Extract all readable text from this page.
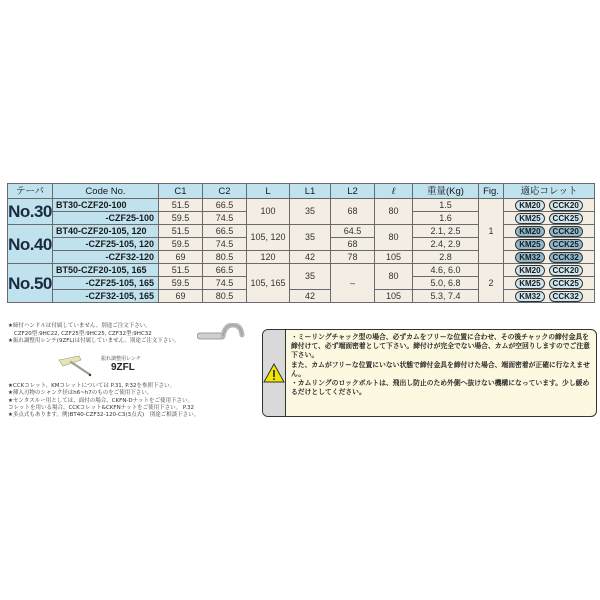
テーパ	Code No.	C1	C2	L	L1	L2	ℓ	重量(Kg)	Fig.	適応コレット
No.30	BT30-CZF20-100	51.5	66.5	100	35	68	80	1.5	1	KM20 CCK20
	-CZF25-100	59.5	74.5					1.6		KM25 CCK25
No.40	BT40-CZF20-105, 120	51.5	66.5	105, 120	35	64.5	80	2.1, 2.5		KM20 CCK20
	-CZF25-105, 120	59.5	74.5			68		2.4, 2.9		KM25 CCK25
	-CZF32-120	69	80.5	120	42	78	105	2.8		KM32 CCK32
No.50	BT50-CZF20-105, 165	51.5	66.5	105, 165	35	–	80	4.6, 6.0	2	KM20 CCK20
	-CZF25-105, 165	59.5	74.5					5.0, 6.8		KM25 CCK25
	-CZF32-105, 165	69	80.5		42		105	5.3, 7.4		KM32 CCK32
★締付ハンドルは付属していません。別途ご注文下さい。
CZF20型:9HC22, CZF25型:9HC25, CZF32型:9HC32
★振れ調整用レンチ(9ZFL)は付属していません。別途ご注文下さい。
振れ調整用レンチ
9ZFL
★CCKコレット、KMコレットについては P.31, P.32を参照下さい。
★挿入刃物のシャンク径はh6~h7のものをご使用下さい。
★センタスルー用としては、面付の場合、CKFN-Dナットをご使用下さい。
コレットを用いる場合、CCKコレット&CKFNナットをご使用下さい。 P.32
★多点式もあります。例)BT40-CZF32-120-C3(3点式)　別途ご相談下さい。

・ミーリングチャック型の場合、必ずカムをフリーな位置に合わせ、その後チャックの締付金具を締付けて、必ず端面密着として下さい。締付けが完全でない場合、カムが空回りしますのでご注意下さい。

また、カムがフリーな位置にいない状態で締付金具を締付けた場合、端面密着が正確に行なえません。

・カムリングのロックボルトは、飛出し防止のため外側へ抜けない機構になっています。少し緩めるだけとしてください。
